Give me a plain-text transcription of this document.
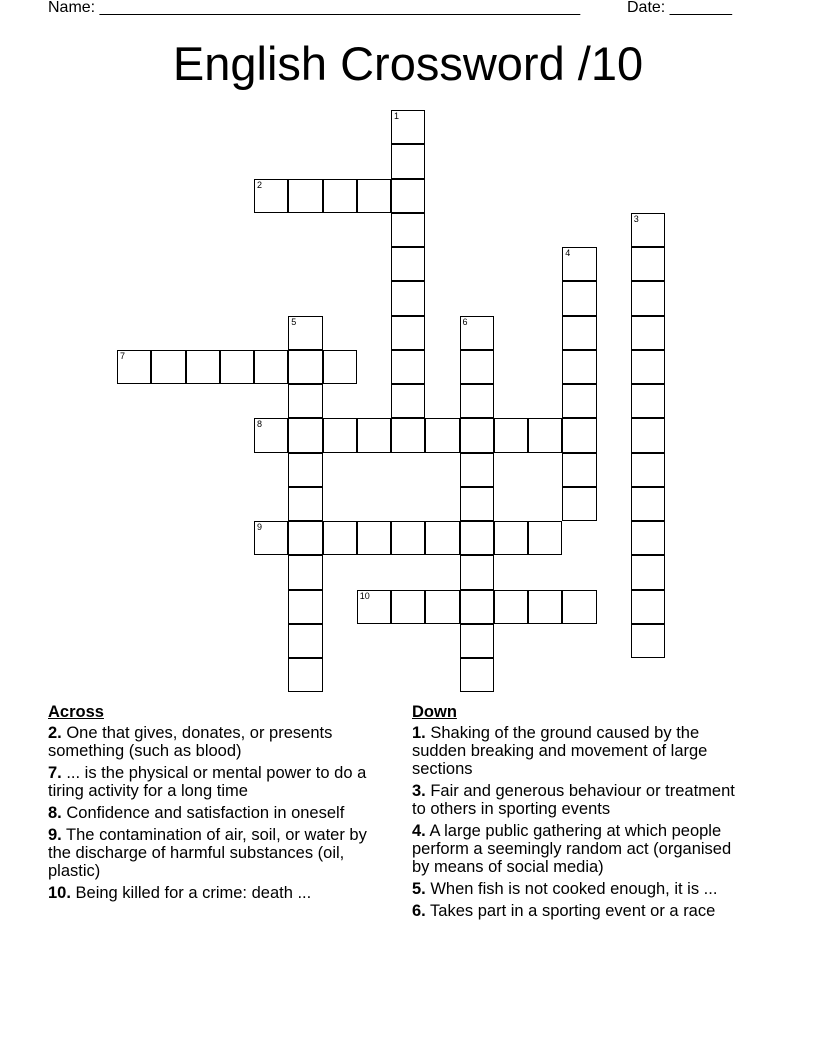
Name: ______________________________________________________	Date: _______
English Crossword /10
1
2
3
4
5	6
7
8
9
10
Across
2. One that gives, donates, or presents something (such as blood)
7. ... is the physical or mental power to do a tiring activity for a long time
8. Confidence and satisfaction in oneself
9. The contamination of air, soil, or water by the discharge of harmful substances (oil, plastic)
10. Being killed for a crime: death ...
Down
1. Shaking of the ground caused by the sudden breaking and movement of large sections
3. Fair and generous behaviour or treatment to others in sporting events
4. A large public gathering at which people perform a seemingly random act (organised by means of social media)
5. When fish is not cooked enough, it is ...
6. Takes part in a sporting event or a race
